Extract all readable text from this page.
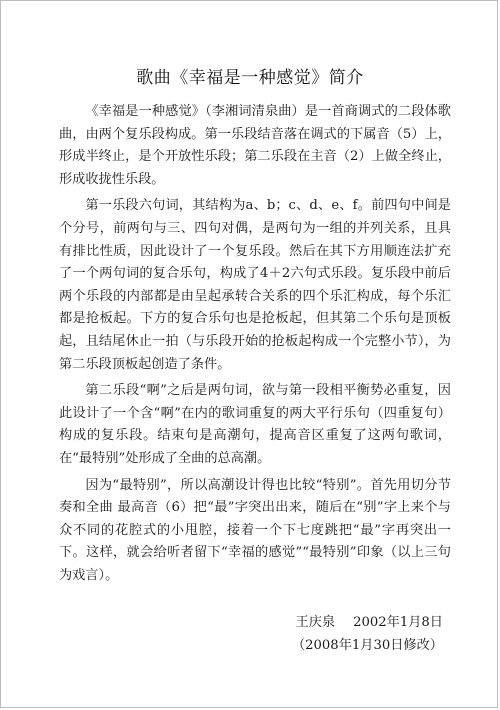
歌曲《幸福是一种感觉》简介

《幸福是一种感觉》（李湘词清泉曲）是一首商调式的二段体歌曲，由两个复乐段构成。第一乐段结音落在调式的下属音（5）上，形成半终止，是个开放性乐段；第二乐段在主音（2）上做全终止，形成收拢性乐段。

第一乐段六句词，其结构为a、b；c、d、e、f。前四句中间是个分号，前两句与三、四句对偶，是两句为一组的并列关系，且具有排比性质，因此设计了一个复乐段。然后在其下方用顺连法扩充了一个两句词的复合乐句，构成了4＋2六句式乐段。复乐段中前后两个乐段的内部都是由呈起承转合关系的四个乐汇构成，每个乐汇都是抢板起。下方的复合乐句也是抢板起，但其第二个乐句是顶板起，且结尾休止一拍（与乐段开始的抢板起构成一个完整小节），为第二乐段顶板起创造了条件。

第二乐段“啊”之后是两句词，欲与第一段相平衡势必重复，因此设计了一个含“啊”在内的歌词重复的两大平行乐句（四重复句）构成的复乐段。结束句是高潮句，提高音区重复了这两句歌词，在“最特别”处形成了全曲的总高潮。

因为“最特别”，所以高潮设计得也比较“特别”。首先用切分节奏和全曲 最高音（6̇）把“最”字突出出来，随后在“别”字上来个与众不同的花腔式的小甩腔，接着一个下七度跳把“最”字再突出一下。这样，就会给听者留下“幸福的感觉”“最特别”印象（以上三句为戏言）。

王庆泉 2002年1月8日
（2008年1月30日修改）
